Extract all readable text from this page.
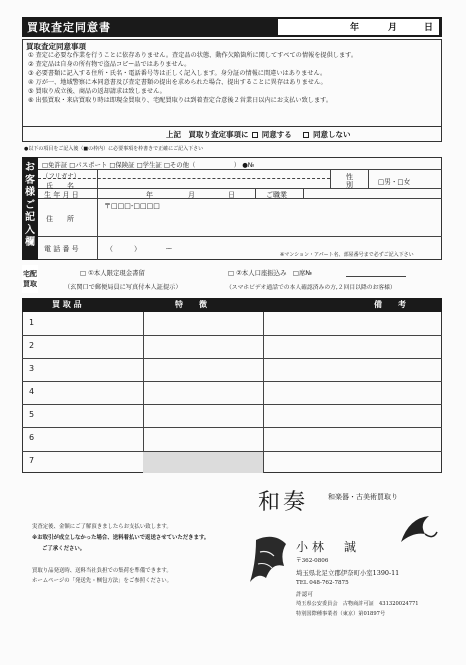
買取査定同意書	年	月	日
買取査定同意事項
① 査定に必要な作業を行うことに依存ありません。査定品の状態、動作欠陥箇所に関してすべての情報を提供します。
② 査定品は自身の所有物で盗品コピー品ではありません。
③ 必要書類に記入する住所・氏名・電話番号等は正しく記入します。身分証の情報に間違いはありません。
④ 万が一、地域警察に本同意書及び査定書類の提出を求められた場合、提出することに異存はありません。
⑤ 買取り成立後、商品の返却請求は致しません。
⑥ 出張買取・来店買取り時は即現金買取り、宅配買取りは到着査定合意後２営業日以内にお支払い致します。
上記　買取り査定事項に 同意する	同意しない
●以下の項目をご記入後（■の枠内）に必要事項を枠書きで正確にご記入下さい
□免許証 □パスポート □保険証 □学生証 □その他（　　　　　　） ●№
お客様ご記入欄
（フリガナ）
氏　　名
性
別	□男・□女
生 年 月 日	年	月	日	ご職業
〒□□□-□□□□
住　　所
電 話 番 号	（　　　）　　　　ー
※マンション・アパート名、部屋番号まで必ずご記入下さい
宅配
買取
□ ①本人限定現金書留
（玄関口で郵便局員に写真付本人証提示）
□ ②本人口座振込み　□席№
（スマホビデオ通話での本人確認済みの方,２回目以降のお客様）
買 取 品	特　　徴	備　　考
1
2
3
4
5
6
7
実査定後、金額にご了解頂きましたらお支払い致します。
※お取引が成立しなかった場合、送料着払いで返送させていただきます。
ご了承ください。
買取り品発送時、送料当社負担での集荷を準備できます。
ホームページの「発送先・梱包方法」をご参照ください。
和奏	和楽器・古美術買取り
小林　誠
〒362-0806
埼玉県北足立郡伊奈町小室1390-11
TEL 048-762-7875
許認可
埼玉県公安委員会　古物商許可証　431320024771
特別国際種事業者（東京）第01897号
